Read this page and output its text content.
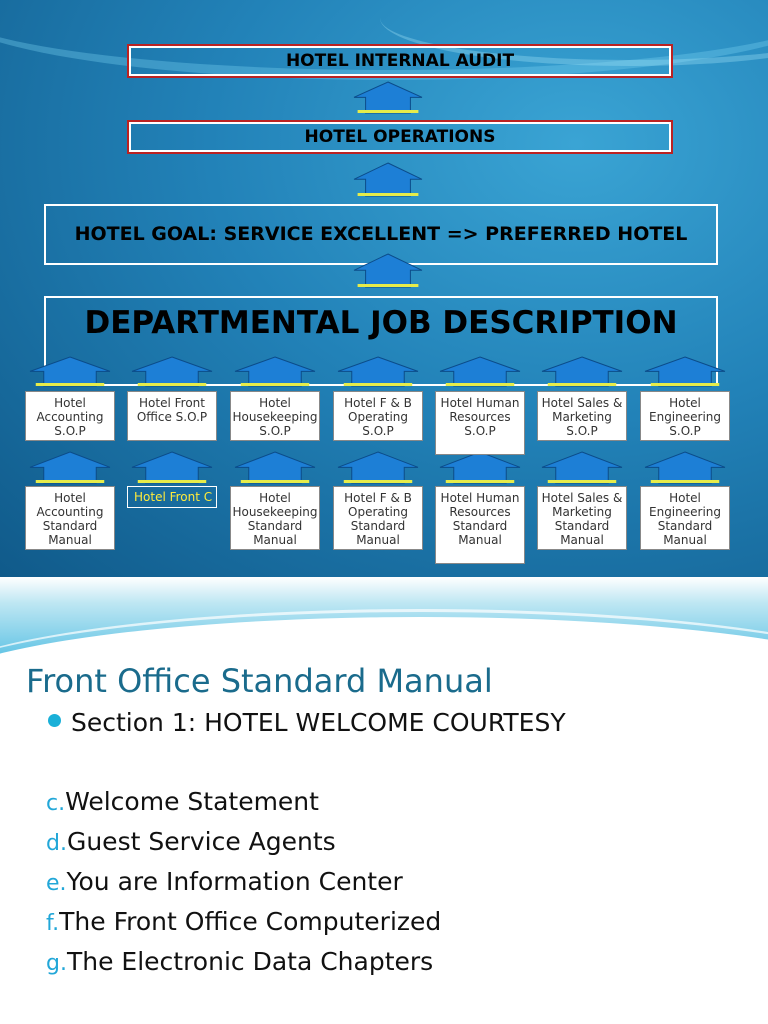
HOTEL INTERNAL AUDIT
HOTEL OPERATIONS
HOTEL GOAL: SERVICE EXCELLENT => PREFERRED HOTEL
DEPARTMENTAL JOB DESCRIPTION
Hotel Accounting S.O.P
Hotel Front Office S.O.P
Hotel Housekeeping S.O.P
Hotel F & B Operating S.O.P
Hotel Human Resources S.O.P
Hotel Sales & Marketing S.O.P
Hotel Engineering S.O.P
Hotel Accounting Standard Manual
Hotel Front C	Hotel Housekeeping Standard Manual
Hotel F & B Operating Standard Manual
Hotel Human Resources Standard Manual
Hotel Sales & Marketing Standard Manual
Hotel Engineering Standard Manual
Front Office Standard Manual
Section 1: HOTEL WELCOME COURTESY
c.Welcome Statement
d.Guest Service Agents
e.You are Information Center
f.The Front Office Computerized
g.The Electronic Data Chapters
